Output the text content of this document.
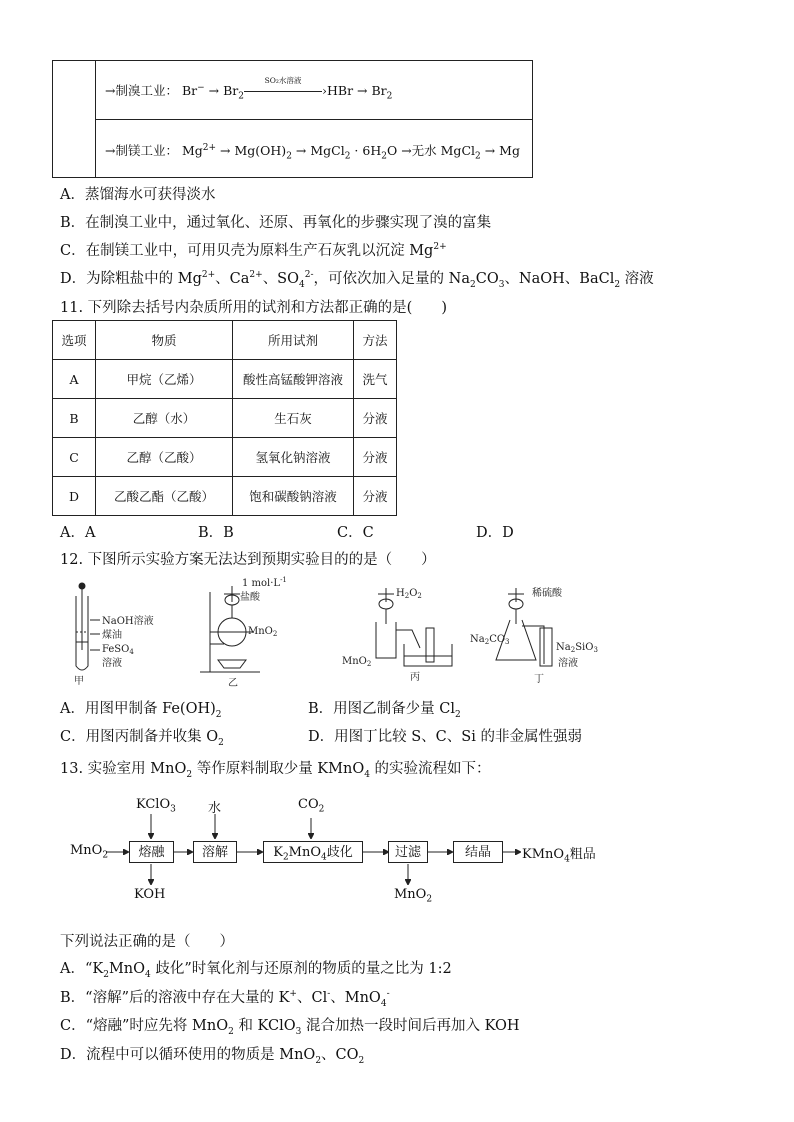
→制溴工业： $Br^- \to Br_2$
SO₂水溶液
›HBr → $Br_2$
→制镁工业： $Mg^{2+} \to Mg(OH)_2$ → MgCl$_2$ · $6H_2O$ →无水 MgCl$_2$ → Mg
A．蒸馏海水可获得淡水
B．在制溴工业中，通过氧化、还原、再氧化的步骤实现了溴的富集
C．在制镁工业中，可用贝壳为原料生产石灰乳以沉淀 $Mg^{2+}$
D．为除粗盐中的 $Mg^{2+}$、$Ca^{2+}$、$SO_4^{2-}$，可依次加入足量的 $Na_2CO_3$、NaOH、BaCl$_2$ 溶液
11. 下列除去括号内杂质所用的试剂和方法都正确的是(　　)
选项	物质	所用试剂	方法
A	甲烷（乙烯）	酸性高锰酸钾溶液	洗气
B	乙醇（水）	生石灰	分液
C	乙醇（乙酸）	氢氧化钠溶液	分液
D	乙酸乙酯（乙酸）	饱和碳酸钠溶液	分液
A．A	B．B	C．C	D．D
12. 下图所示实验方案无法达到预期实验目的的是（　　）
NaOH溶液
煤油
FeSO$_4$
溶液
甲
1 $mol\cdot L^{-1}$
盐酸
MnO$_2$
乙
$H_2O_2$
MnO$_2$
丙
稀硫酸
$Na_2CO_3$	$Na_2SiO_3$
溶液
丁
A．用图甲制备 $Fe(OH)_2$	B．用图乙制备少量 $Cl_2$
C．用图丙制备并收集 $O_2$	D．用图丁比较 S、C、Si 的非金属性强弱
13. 实验室用 MnO$_2$ 等作原料制取少量 KMnO$_4$ 的实验流程如下：
MnO$_2$
KClO$_3$ 水	$CO_2$
熔融	溶解	$K_2MnO_4$歧化	过滤	结晶	KMnO$_4$粗品
KOH	MnO$_2$
下列说法正确的是（　　）
A．“$K_2MnO_4$ 歧化”时氧化剂与还原剂的物质的量之比为 1:2
B．“溶解”后的溶液中存在大量的 K+、Cl-、MnO$_4$-
C．“熔融”时应先将 MnO$_2$ 和 KClO$_3$ 混合加热一段时间后再加入 KOH
D．流程中可以循环使用的物质是 MnO$_2$、$CO_2$
